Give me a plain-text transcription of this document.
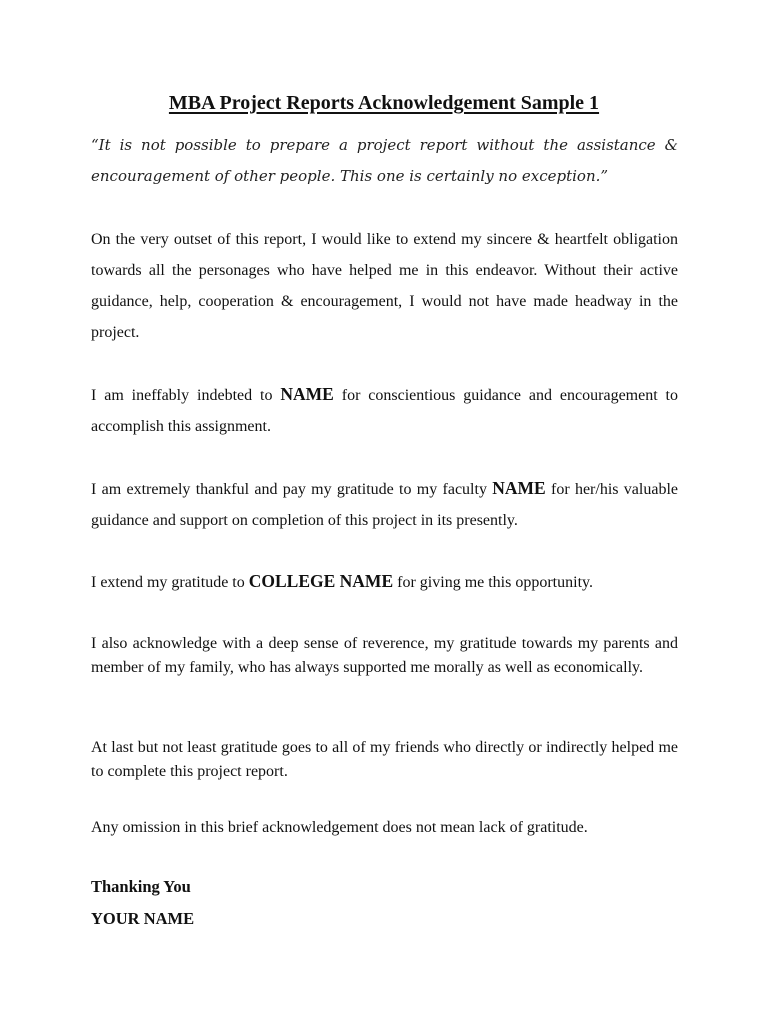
MBA Project Reports Acknowledgement Sample 1
“It is not possible to prepare a project report without the assistance & encouragement of other people. This one is certainly no exception.”

On the very outset of this report, I would like to extend my sincere & heartfelt obligation towards all the personages who have helped me in this endeavor. Without their active guidance, help, cooperation & encouragement, I would not have made headway in the project.

I am ineffably indebted to NAME for conscientious guidance and encouragement to accomplish this assignment.

I am extremely thankful and pay my gratitude to my faculty NAME for her/his valuable guidance and support on completion of this project in its presently.

I extend my gratitude to COLLEGE NAME for giving me this opportunity.

I also acknowledge with a deep sense of reverence, my gratitude towards my parents and member of my family, who has always supported me morally as well as economically.

At last but not least gratitude goes to all of my friends who directly or indirectly helped me to complete this project report.

Any omission in this brief acknowledgement does not mean lack of gratitude.

Thanking You
YOUR NAME
